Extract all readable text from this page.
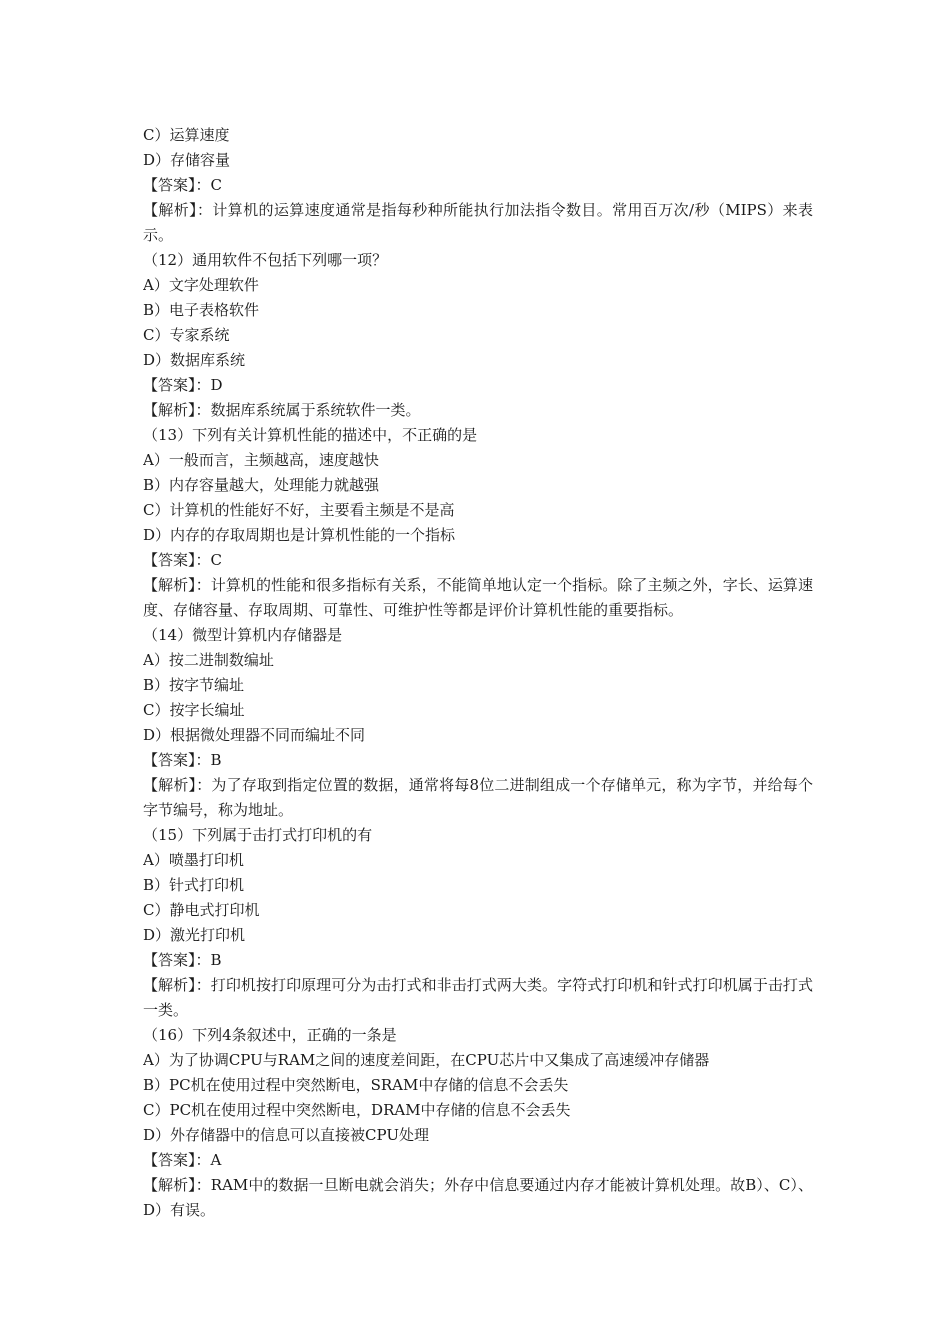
C）运算速度
D）存储容量
【答案】：C
【解析】：计算机的运算速度通常是指每秒种所能执行加法指令数目。常用百万次/秒（MIPS）来表示。
（12）通用软件不包括下列哪一项？
A）文字处理软件
B）电子表格软件
C）专家系统
D）数据库系统
【答案】：D
【解析】：数据库系统属于系统软件一类。
（13）下列有关计算机性能的描述中，不正确的是
A）一般而言，主频越高，速度越快
B）内存容量越大，处理能力就越强
C）计算机的性能好不好，主要看主频是不是高
D）内存的存取周期也是计算机性能的一个指标
【答案】：C
【解析】：计算机的性能和很多指标有关系，不能简单地认定一个指标。除了主频之外，字长、运算速度、存储容量、存取周期、可靠性、可维护性等都是评价计算机性能的重要指标。
（14）微型计算机内存储器是
A）按二进制数编址
B）按字节编址
C）按字长编址
D）根据微处理器不同而编址不同
【答案】：B
【解析】：为了存取到指定位置的数据，通常将每8位二进制组成一个存储单元，称为字节，并给每个字节编号，称为地址。
（15）下列属于击打式打印机的有
A）喷墨打印机
B）针式打印机
C）静电式打印机
D）激光打印机
【答案】：B
【解析】：打印机按打印原理可分为击打式和非击打式两大类。字符式打印机和针式打印机属于击打式一类。
（16）下列4条叙述中，正确的一条是
A）为了协调CPU与RAM之间的速度差间距，在CPU芯片中又集成了高速缓冲存储器
B）PC机在使用过程中突然断电，SRAM中存储的信息不会丢失
C）PC机在使用过程中突然断电，DRAM中存储的信息不会丢失
D）外存储器中的信息可以直接被CPU处理
【答案】：A
【解析】：RAM中的数据一旦断电就会消失；外存中信息要通过内存才能被计算机处理。故B）、C）、D）有误。
